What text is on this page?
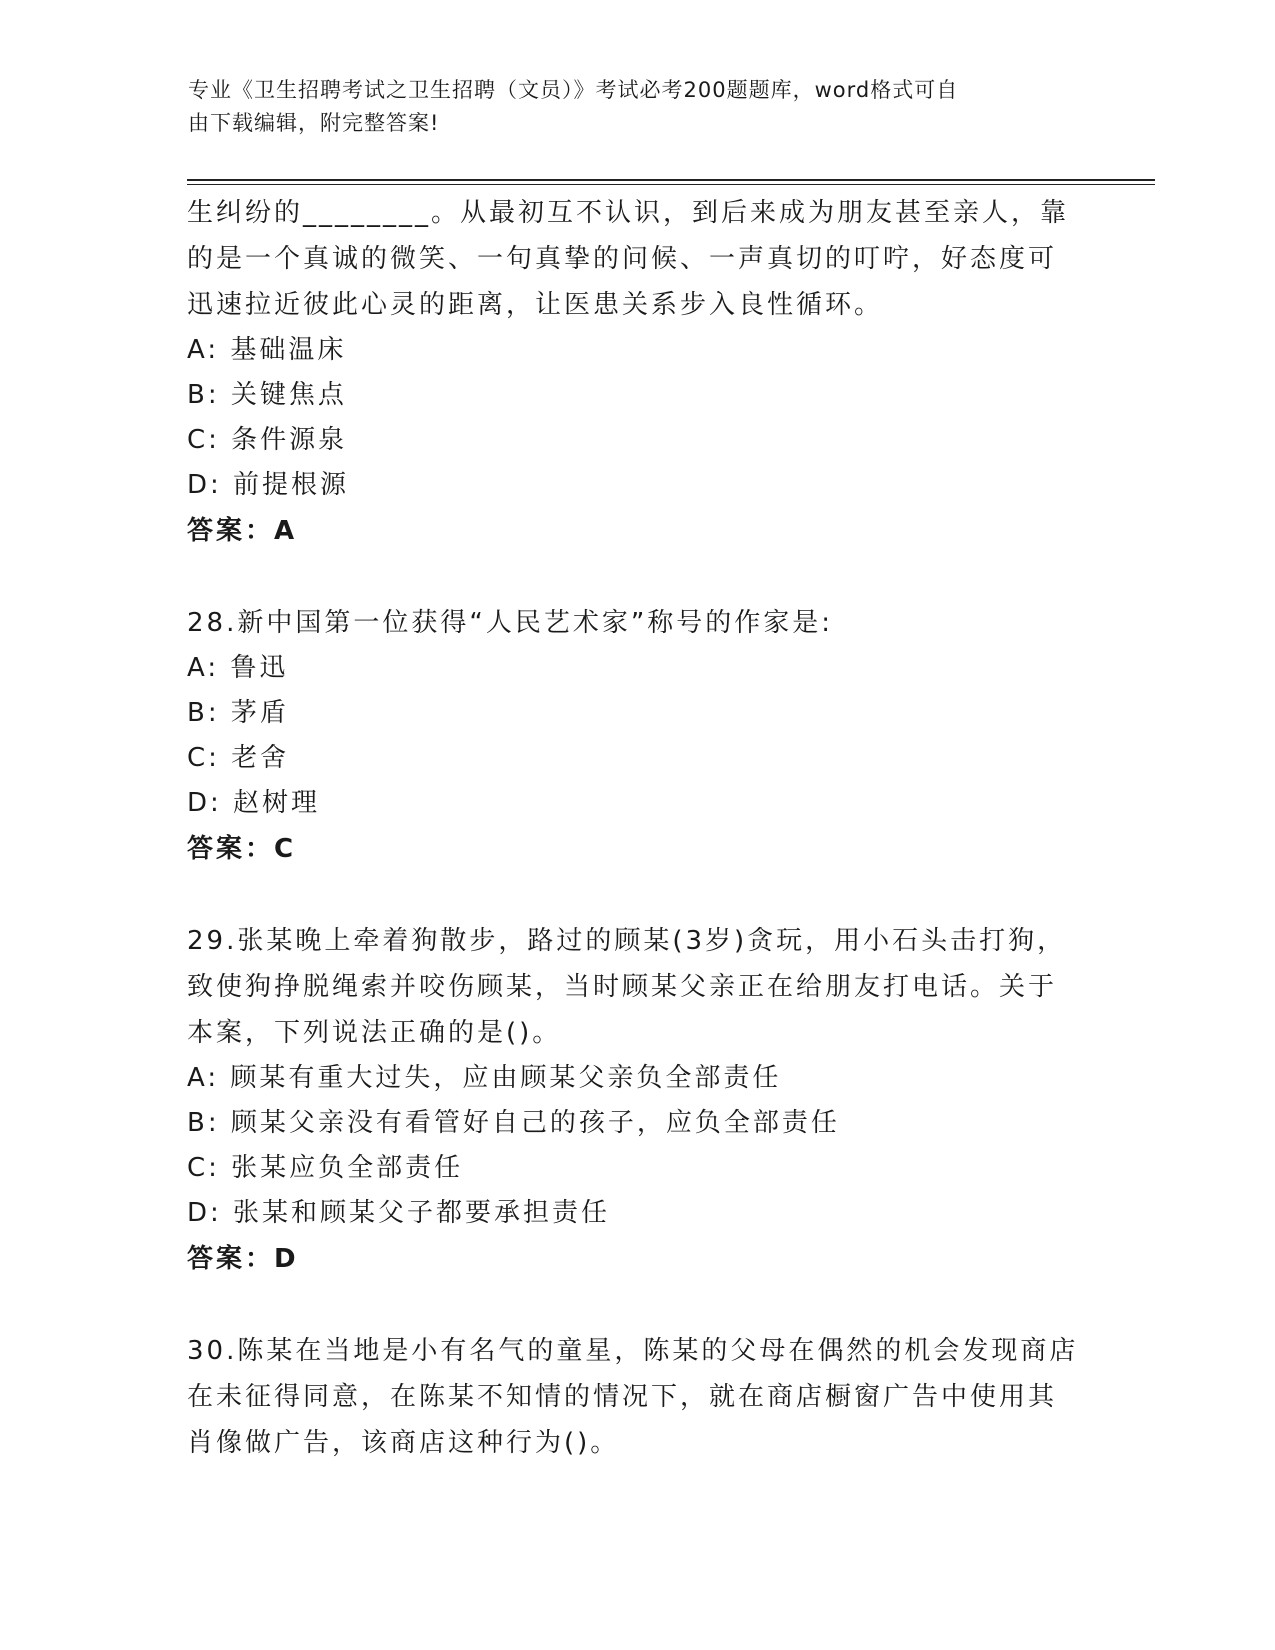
专业《卫生招聘考试之卫生招聘（文员）》考试必考200题题库，word格式可自
由下载编辑，附完整答案!

生纠纷的________。从最初互不认识，到后来成为朋友甚至亲人，靠

的是一个真诚的微笑、一句真挚的问候、一声真切的叮咛，好态度可

迅速拉近彼此心灵的距离，让医患关系步入良性循环。

A: 基础温床

B: 关键焦点

C: 条件源泉

D: 前提根源

答案：A

28.新中国第一位获得“人民艺术家”称号的作家是:

A: 鲁迅

B: 茅盾

C: 老舍

D: 赵树理

答案：C

29.张某晚上牵着狗散步，路过的顾某(3岁)贪玩，用小石头击打狗，

致使狗挣脱绳索并咬伤顾某，当时顾某父亲正在给朋友打电话。关于

本案，下列说法正确的是()。

A: 顾某有重大过失，应由顾某父亲负全部责任

B: 顾某父亲没有看管好自己的孩子，应负全部责任

C: 张某应负全部责任

D: 张某和顾某父子都要承担责任

答案：D

30.陈某在当地是小有名气的童星，陈某的父母在偶然的机会发现商店

在未征得同意，在陈某不知情的情况下，就在商店橱窗广告中使用其

肖像做广告，该商店这种行为()。
